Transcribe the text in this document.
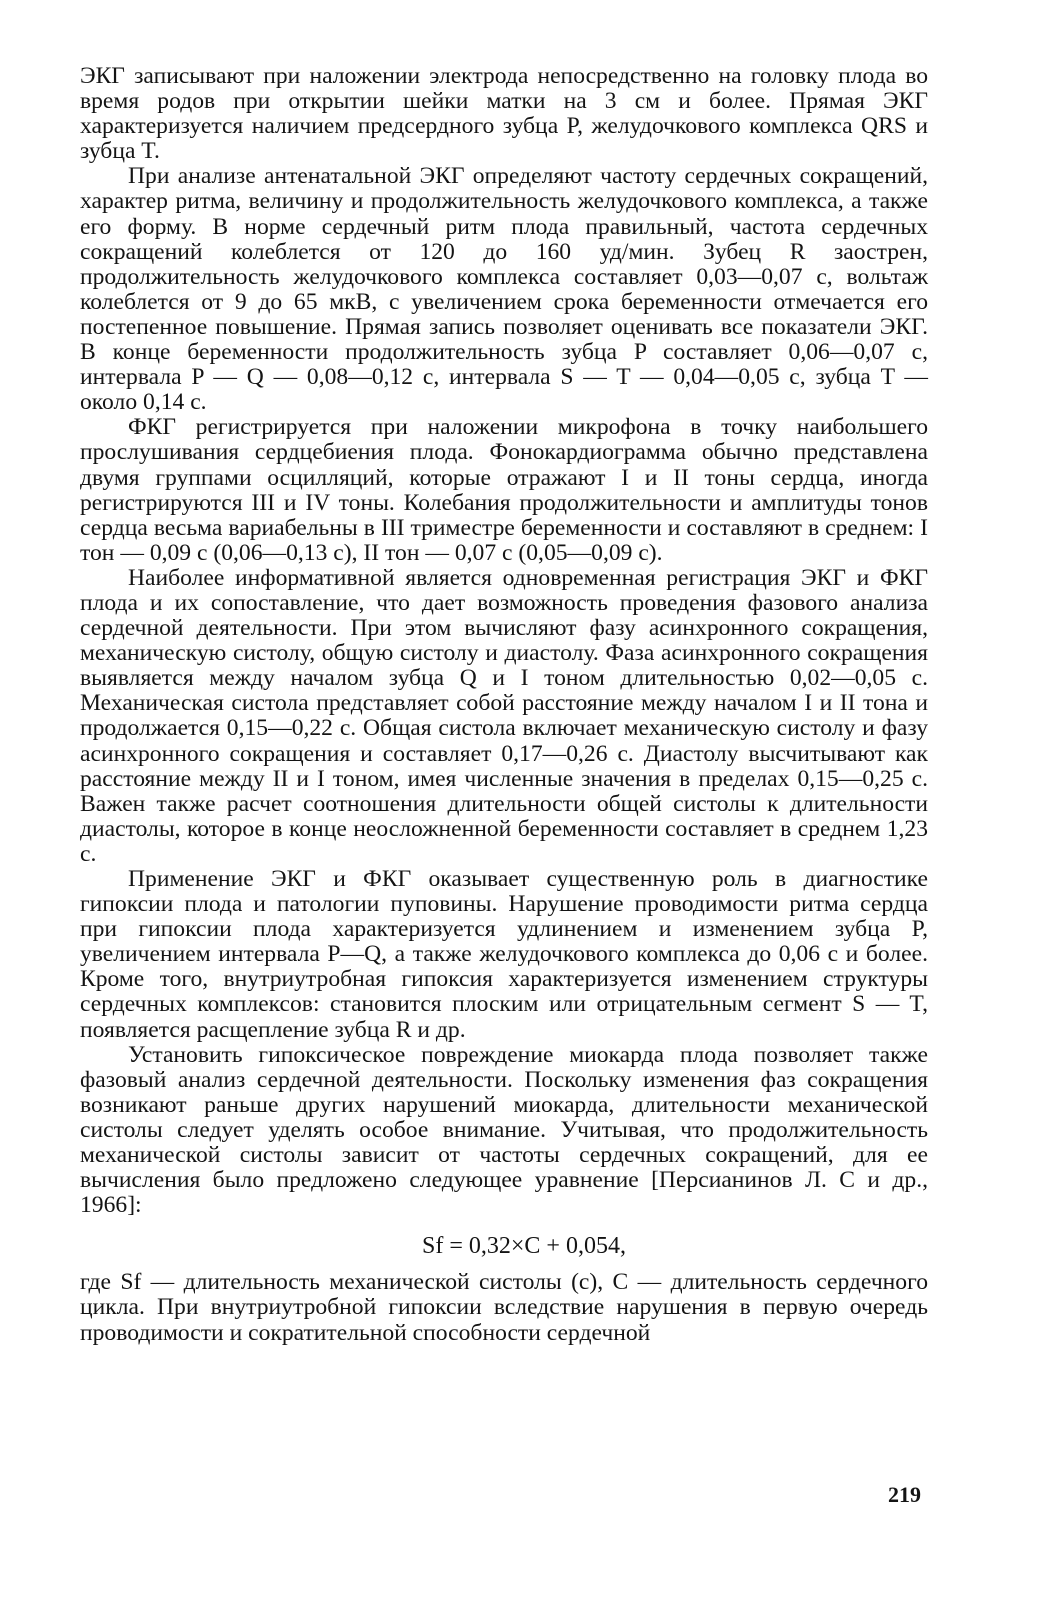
ЭКГ записывают при наложении электрода непосредственно на головку плода во время родов при открытии шейки матки на 3 см и более. Прямая ЭКГ характеризуется наличием предсердного зубца P, желудочкового комплекса QRS и зубца T.

При анализе антенатальной ЭКГ определяют частоту сердечных сокращений, характер ритма, величину и продолжительность желудочкового комплекса, а также его форму. В норме сердечный ритм плода правильный, частота сердечных сокращений колеблется от 120 до 160 уд/мин. Зубец R заострен, продолжительность желудочкового комплекса составляет 0,03—0,07 с, вольтаж колеблется от 9 до 65 мкВ, с увеличением срока беременности отмечается его постепенное повышение. Прямая запись позволяет оценивать все показатели ЭКГ. В конце беременности продолжительность зубца P составляет 0,06—0,07 с, интервала P — Q — 0,08—0,12 с, интервала S — T — 0,04—0,05 с, зубца T — около 0,14 с.

ФКГ регистрируется при наложении микрофона в точку наибольшего прослушивания сердцебиения плода. Фонокардиограмма обычно представлена двумя группами осцилляций, которые отражают I и II тоны сердца, иногда регистрируются III и IV тоны. Колебания продолжительности и амплитуды тонов сердца весьма вариабельны в III триместре беременности и составляют в среднем: I тон — 0,09 с (0,06—0,13 с), II тон — 0,07 с (0,05—0,09 с).

Наиболее информативной является одновременная регистрация ЭКГ и ФКГ плода и их сопоставление, что дает возможность проведения фазового анализа сердечной деятельности. При этом вычисляют фазу асинхронного сокращения, механическую систолу, общую систолу и диастолу. Фаза асинхронного сокращения выявляется между началом зубца Q и I тоном длительностью 0,02—0,05 с. Механическая систола представляет собой расстояние между началом I и II тона и продолжается 0,15—0,22 с. Общая систола включает механическую систолу и фазу асинхронного сокращения и составляет 0,17—0,26 с. Диастолу высчитывают как расстояние между II и I тоном, имея численные значения в пределах 0,15—0,25 с. Важен также расчет соотношения длительности общей систолы к длительности диастолы, которое в конце неосложненной беременности составляет в среднем 1,23 с.

Применение ЭКГ и ФКГ оказывает существенную роль в диагностике гипоксии плода и патологии пуповины. Нарушение проводимости ритма сердца при гипоксии плода характеризуется удлинением и изменением зубца P, увеличением интервала P—Q, а также желудочкового комплекса до 0,06 с и более. Кроме того, внутриутробная гипоксия характеризуется изменением структуры сердечных комплексов: становится плоским или отрицательным сегмент S — T, появляется расщепление зубца R и др.

Установить гипоксическое повреждение миокарда плода позволяет также фазовый анализ сердечной деятельности. Поскольку изменения фаз сокращения возникают раньше других нарушений миокарда, длительности механической систолы следует уделять особое внимание. Учитывая, что продолжительность механической систолы зависит от частоты сердечных сокращений, для ее вычисления было предложено следующее уравнение [Персианинов Л. С и др., 1966]:

Sf = 0,32×C + 0,054,

где Sf — длительность механической систолы (с), C — длительность сердечного цикла. При внутриутробной гипоксии вследствие нарушения в первую очередь проводимости и сократительной способности сердечной

219
